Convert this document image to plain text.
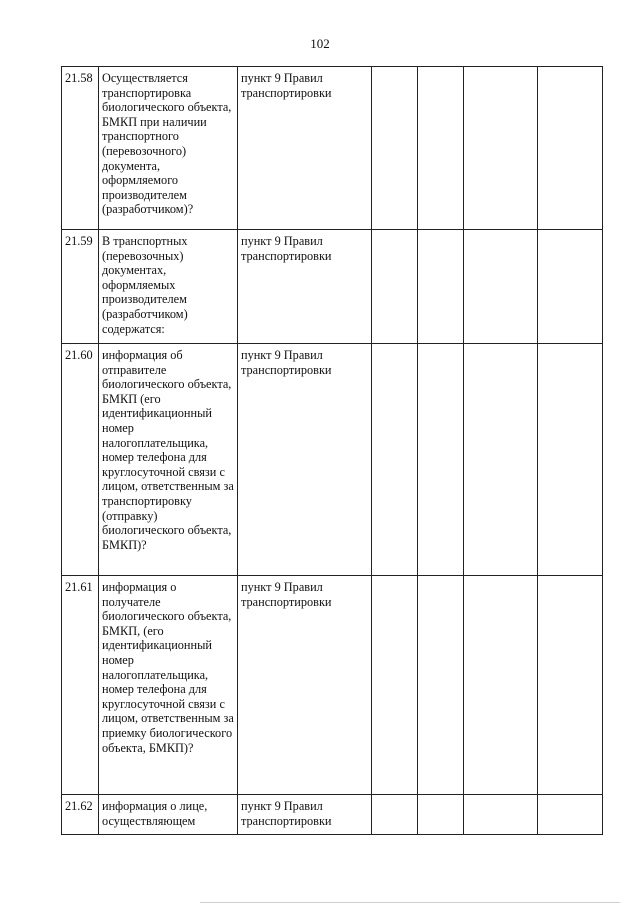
102
21.58	Осуществляется транспортировка биологического объекта, БМКП при наличии транспортного (перевозочного) документа, оформляемого производителем (разработчиком)?	пункт 9 Правил транспортировки				
21.59	В транспортных (перевозочных) документах, оформляемых производителем (разработчиком) содержатся:	пункт 9 Правил транспортировки				
21.60	информация об отправителе биологического объекта, БМКП (его идентификационный номер налогоплательщика, номер телефона для круглосуточной связи с лицом, ответственным за транспортировку (отправку) биологического объекта, БМКП)?	пункт 9 Правил транспортировки				
21.61	информация о получателе биологического объекта, БМКП, (его идентификационный номер налогоплательщика, номер телефона для круглосуточной связи с лицом, ответственным за приемку биологического объекта, БМКП)?	пункт 9 Правил транспортировки				
21.62	информация о лице, осуществляющем	пункт 9 Правил транспортировки				
